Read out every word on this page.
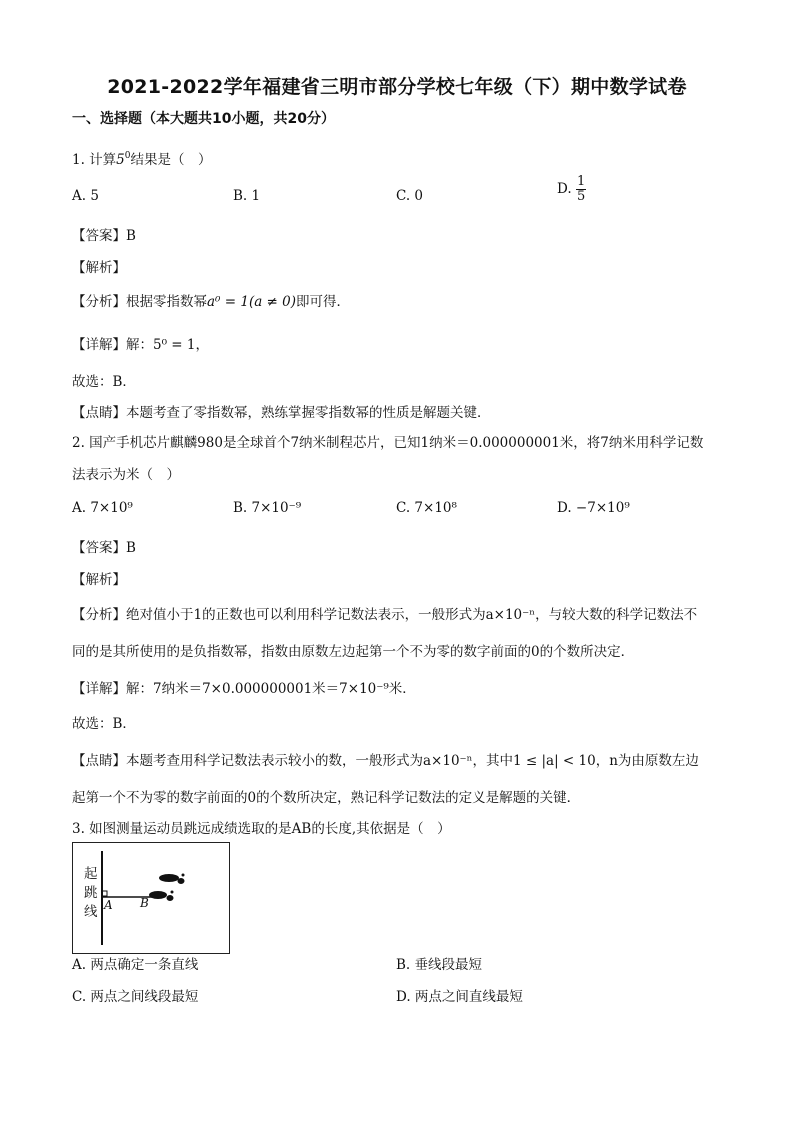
2021-2022学年福建省三明市部分学校七年级（下）期中数学试卷
一、选择题（本大题共10小题，共20分）
1. 计算$5^0$结果是（　）
A. 5	B. 1	C. 0	D. $\frac{1}{5}$
【答案】B
【解析】
【分析】根据零指数幂a⁰ = 1(a ≠ 0)即可得．
【详解】解：5⁰ = 1，
故选：B．
【点睛】本题考查了零指数幂，熟练掌握零指数幂的性质是解题关键．
2. 国产手机芯片麒麟980是全球首个7纳米制程芯片，已知1纳米＝0.000000001米，将7纳米用科学记数
法表示为米（　）
A. 7×10⁹	B. 7×10⁻⁹	C. 7×10⁸	D. −7×10⁹
【答案】B
【解析】
【分析】绝对值小于1的正数也可以利用科学记数法表示，一般形式为a×10⁻ⁿ，与较大数的科学记数法不
同的是其所使用的是负指数幂，指数由原数左边起第一个不为零的数字前面的0的个数所决定．
【详解】解：7纳米＝7×0.000000001米＝7×10⁻⁹米．
故选：B．
【点睛】本题考查用科学记数法表示较小的数，一般形式为a×10⁻ⁿ，其中1 ≤ |a| < 10，n为由原数左边
起第一个不为零的数字前面的0的个数所决定，熟记科学记数法的定义是解题的关键．
3. 如图测量运动员跳远成绩选取的是AB的长度,其依据是（　）
起
跳
线 A B
A. 两点确定一条直线	B. 垂线段最短
C. 两点之间线段最短	D. 两点之间直线最短
